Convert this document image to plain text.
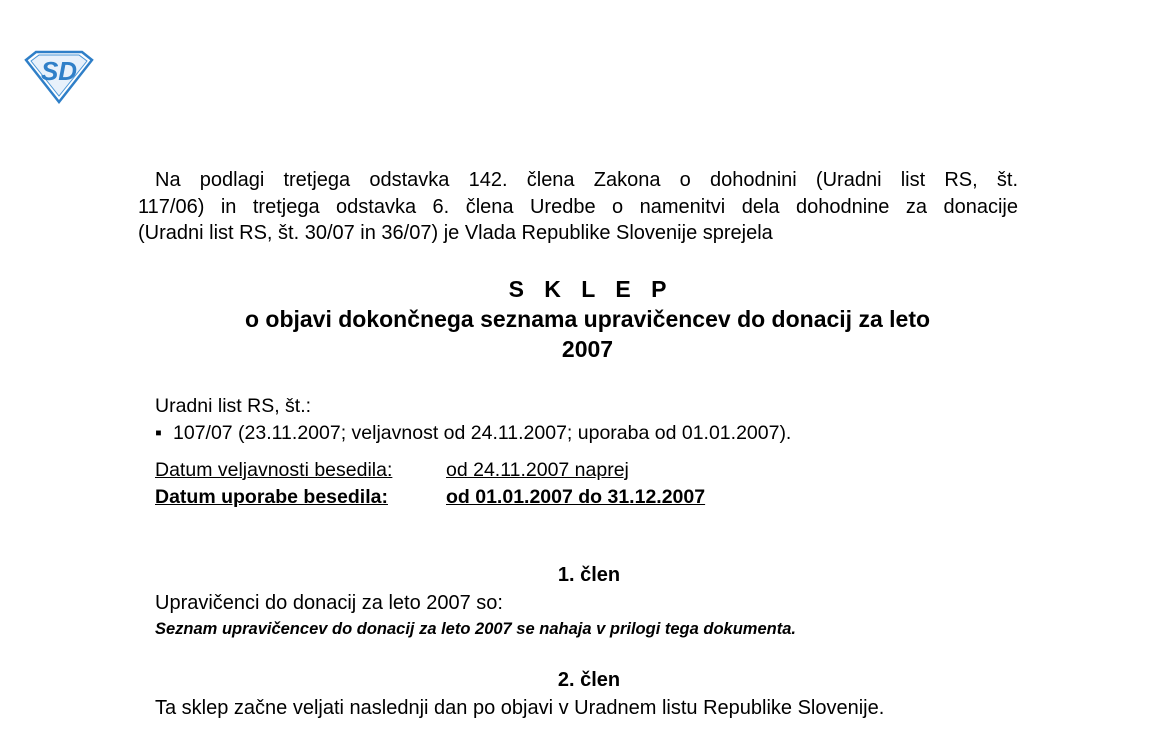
SD
Na podlagi tretjega odstavka 142. člena Zakona o dohodnini (Uradni list RS, št.
117/06) in tretjega odstavka 6. člena Uredbe o namenitvi dela dohodnine za donacije
(Uradni list RS, št. 30/07 in 36/07) je Vlada Republike Slovenije sprejela
S K L E P
o objavi dokončnega seznama upravičencev do donacij za leto
2007
Uradni list RS, št.:
▪ 107/07 (23.11.2007; veljavnost od 24.11.2007; uporaba od 01.01.2007).
Datum veljavnosti besedila:	od 24.11.2007 naprej
Datum uporabe besedila:	od 01.01.2007 do 31.12.2007
1. člen
Upravičenci do donacij za leto 2007 so:
Seznam upravičencev do donacij za leto 2007 se nahaja v prilogi tega dokumenta.
2. člen
Ta sklep začne veljati naslednji dan po objavi v Uradnem listu Republike Slovenije.
